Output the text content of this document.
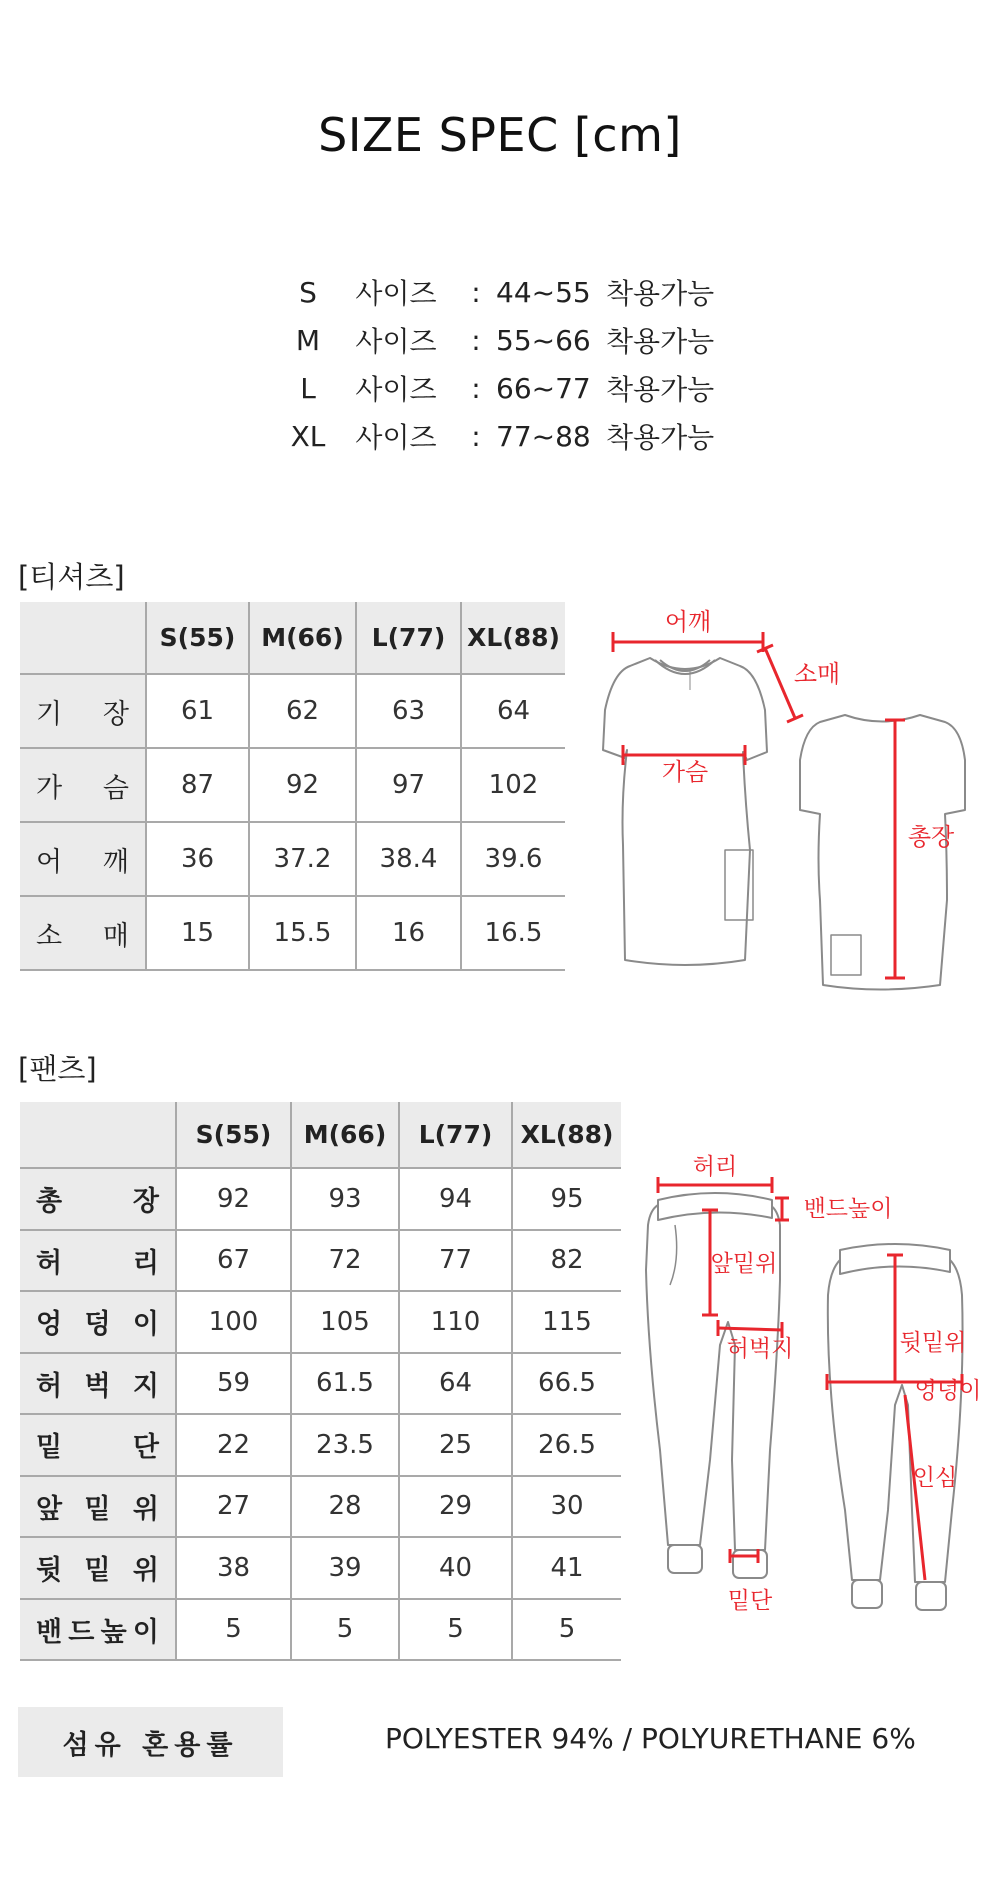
SIZE SPEC [cm]
S	사이즈	: 44~55 착용가능
M	사이즈	: 55~66 착용가능
L	사이즈	: 66~77 착용가능
XL	사이즈	: 77~88 착용가능
[티셔츠]
	S(55)	M(66)	L(77)	XL(88)

기 장	61	62	63	64

가 슴	87	92	97	102

어 깨	36	37.2	38.4	39.6

소 매	15	15.5	16	16.5
어깨
소매
가슴
총장
[팬츠]
	S(55)	M(66)	L(77)	XL(88)

총 장	92	93	94	95

허 리	67	72	77	82

엉 덩 이	100	105	110	115

허 벅 지	59	61.5	64	66.5

밑 단	22	23.5	25	26.5

앞 밑 위	27	28	29	30

뒷 밑 위	38	39	40	41

밴 드 높 이	5	5	5	5
허리
밴드높이
앞밑위
허벅지
밑단
뒷밑위
엉덩이
인심
섬유 혼용률	POLYESTER 94% / POLYURETHANE 6%
